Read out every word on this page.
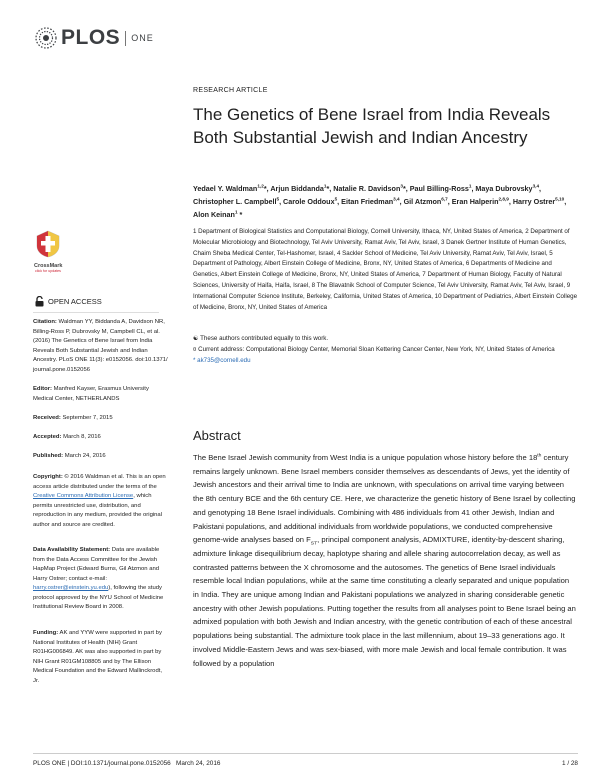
PLOS ONE
RESEARCH ARTICLE
The Genetics of Bene Israel from India Reveals Both Substantial Jewish and Indian Ancestry
Yedael Y. Waldman$^{1,2}$*, Arjun Biddanda$^1$*, Natalie R. Davidson$^3$*, Paul Billing-Ross$^1$, Maya Dubrovsky$^{3,4}$, Christopher L. Campbell$^5$, Carole Oddoux$^5$, Eitan Friedman$^{3,4}$, Gil Atzmon$^{6,7}$, Eran Halperin$^{2,8,9}$, Harry Ostrer$^{5,10}$, Alon Keinan$^1$ *
1 Department of Biological Statistics and Computational Biology, Cornell University, Ithaca, NY, United States of America, 2 Department of Molecular Microbiology and Biotechnology, Tel Aviv University, Ramat Aviv, Tel Aviv, Israel, 3 Danek Gertner Institute of Human Genetics, Chaim Sheba Medical Center, Tel-Hashomer, Israel, 4 Sackler School of Medicine, Tel Aviv University, Ramat Aviv, Tel Aviv, Israel, 5 Department of Pathology, Albert Einstein College of Medicine, Bronx, NY, United States of America, 6 Departments of Medicine and Genetics, Albert Einstein College of Medicine, Bronx, NY, United States of America, 7 Department of Human Biology, Faculty of Natural Sciences, University of Haifa, Haifa, Israel, 8 The Blavatnik School of Computer Science, Tel Aviv University, Ramat Aviv, Tel Aviv, Israel, 9 International Computer Science Institute, Berkeley, California, United States of America, 10 Department of Pediatrics, Albert Einstein College of Medicine, Bronx, NY, United States of America
☯ These authors contributed equally to this work.
¤ Current address: Computational Biology Center, Memorial Sloan Kettering Cancer Center, New York, NY, United States of America
* ak735@cornell.edu
CrossMark
click for updates
OPEN ACCESS
Citation: Waldman YY, Biddanda A, Davidson NR, Billing-Ross P, Dubrovsky M, Campbell CL, et al. (2016) The Genetics of Bene Israel from India Reveals Both Substantial Jewish and Indian Ancestry. PLoS ONE 11(3): e0152056. doi:10.1371/ journal.pone.0152056
Editor: Manfred Kayser, Erasmus University Medical Center, NETHERLANDS
Received: September 7, 2015
Accepted: March 8, 2016
Published: March 24, 2016
Copyright: © 2016 Waldman et al. This is an open access article distributed under the terms of the Creative Commons Attribution License, which permits unrestricted use, distribution, and reproduction in any medium, provided the original author and source are credited.
Data Availability Statement: Data are available from the Data Access Committee for the Jewish HapMap Project (Edward Burns, Gil Atzmon and Harry Ostrer; contact e-mail: harry.ostrer@einstein.yu.edu), following the study protocol approved by the NYU School of Medicine Institutional Review Board in 2008.
Funding: AK and YYW were supported in part by National Institutes of Health (NIH) Grant R01HG006849. AK was also supported in part by NIH Grant R01GM108805 and by The Ellison Medical Foundation and the Edward Mallinckrodt, Jr.
Abstract
The Bene Israel Jewish community from West India is a unique population whose history before the 18th century remains largely unknown. Bene Israel members consider themselves as descendants of Jews, yet the identity of Jewish ancestors and their arrival time to India are unknown, with speculations on arrival time varying between the 8th century BCE and the 6th century CE. Here, we characterize the genetic history of Bene Israel by collecting and genotyping 18 Bene Israel individuals. Combining with 486 individuals from 41 other Jewish, Indian and Pakistani populations, and additional individuals from worldwide populations, we conducted comprehensive genome-wide analyses based on $F_{ST}$, principal component analysis, ADMIXTURE, identity-by-descent sharing, admixture linkage disequilibrium decay, haplotype sharing and allele sharing autocorrelation decay, as well as contrasted patterns between the X chromosome and the autosomes. The genetics of Bene Israel individuals resemble local Indian populations, while at the same time constituting a clearly separated and unique population in India. They are unique among Indian and Pakistani populations we analyzed in sharing considerable genetic ancestry with other Jewish populations. Putting together the results from all analyses point to Bene Israel being an admixed population with both Jewish and Indian ancestry, with the genetic contribution of each of these ancestral populations being substantial. The admixture took place in the last millennium, about 19–33 generations ago. It involved Middle-Eastern Jews and was sex-biased, with more male Jewish and local female contribution. It was followed by a population
PLOS ONE | DOI:10.1371/journal.pone.0152056   March 24, 2016	1 / 28
